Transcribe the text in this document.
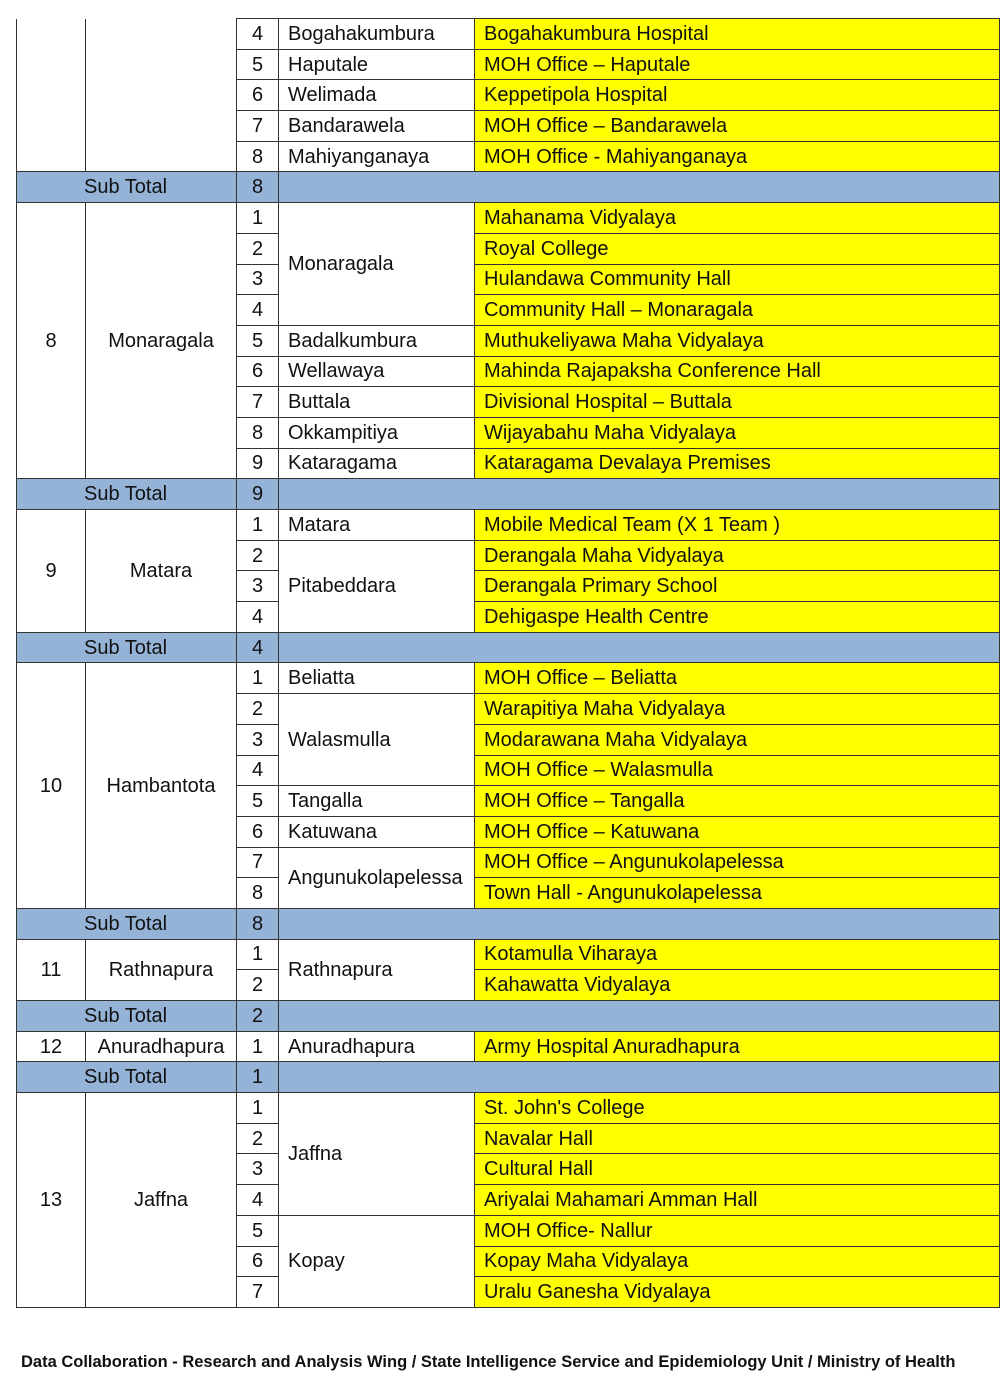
		4	Bogahakumbura	Bogahakumbura Hospital
		5	Haputale	MOH Office – Haputale
		6	Welimada	Keppetipola Hospital
		7	Bandarawela	MOH Office – Bandarawela
		8	Mahiyanganaya	MOH Office - Mahiyanganaya
Sub Total		8		
8	Monaragala	1	Monaragala	Mahanama Vidyalaya
		2		Royal College
		3		Hulandawa Community Hall
		4		Community Hall – Monaragala
		5	Badalkumbura	Muthukeliyawa Maha Vidyalaya
		6	Wellawaya	Mahinda Rajapaksha Conference Hall
		7	Buttala	Divisional Hospital – Buttala
		8	Okkampitiya	Wijayabahu Maha Vidyalaya
		9	Kataragama	Kataragama Devalaya Premises
Sub Total		9		
9	Matara	1	Matara	Mobile Medical Team (X 1 Team )
		2	Pitabeddara	Derangala Maha Vidyalaya
		3		Derangala Primary School
		4		Dehigaspe Health Centre
Sub Total		4		
10	Hambantota	1	Beliatta	MOH Office – Beliatta
		2	Walasmulla	Warapitiya Maha Vidyalaya
		3		Modarawana Maha Vidyalaya
		4		MOH Office – Walasmulla
		5	Tangalla	MOH Office – Tangalla
		6	Katuwana	MOH Office – Katuwana
		7	Angunukolapelessa	MOH Office – Angunukolapelessa
		8		Town Hall - Angunukolapelessa
Sub Total		8		
11	Rathnapura	1	Rathnapura	Kotamulla Viharaya
		2		Kahawatta Vidyalaya
Sub Total		2		
12	Anuradhapura	1	Anuradhapura	Army Hospital Anuradhapura
Sub Total		1		
13	Jaffna	1	Jaffna	St. John's College
		2		Navalar Hall
		3		Cultural Hall
		4		Ariyalai Mahamari Amman Hall
		5	Kopay	MOH Office- Nallur
		6		Kopay Maha Vidyalaya
		7		Uralu Ganesha Vidyalaya
Data Collaboration - Research and Analysis Wing / State Intelligence Service and Epidemiology Unit / Ministry of Health
